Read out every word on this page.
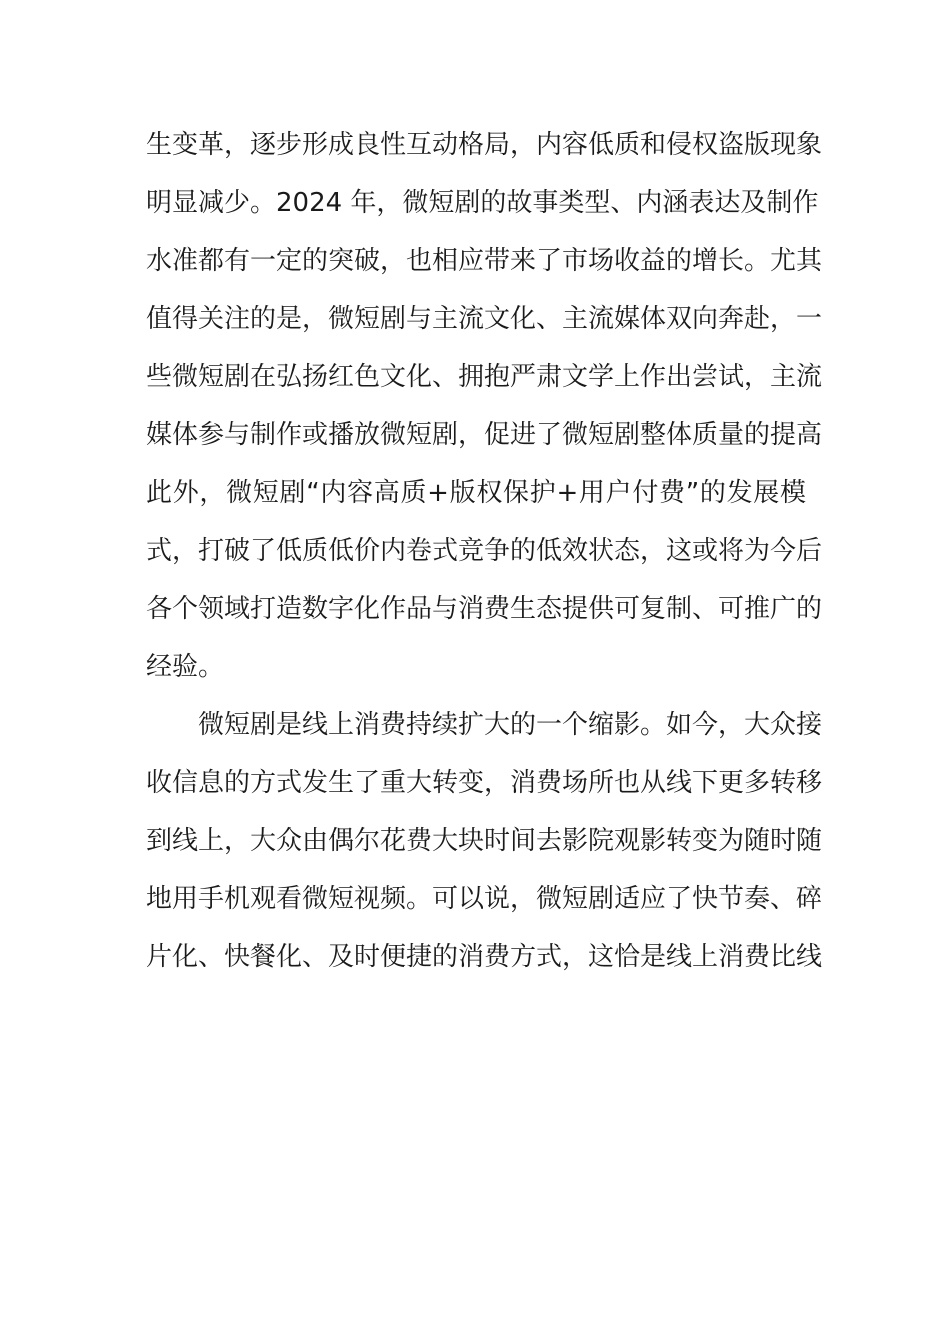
生变革，逐步形成良性互动格局，内容低质和侵权盗版现象
明显减少。2024 年，微短剧的故事类型、内涵表达及制作
水准都有一定的突破，也相应带来了市场收益的增长。尤其
值得关注的是，微短剧与主流文化、主流媒体双向奔赴，一
些微短剧在弘扬红色文化、拥抱严肃文学上作出尝试，主流
媒体参与制作或播放微短剧，促进了微短剧整体质量的提高
此外，微短剧“内容高质+版权保护+用户付费”的发展模
式，打破了低质低价内卷式竞争的低效状态，这或将为今后
各个领域打造数字化作品与消费生态提供可复制、可推广的
经验。
微短剧是线上消费持续扩大的一个缩影。如今，大众接
收信息的方式发生了重大转变，消费场所也从线下更多转移
到线上，大众由偶尔花费大块时间去影院观影转变为随时随
地用手机观看微短视频。可以说，微短剧适应了快节奏、碎
片化、快餐化、及时便捷的消费方式，这恰是线上消费比线
